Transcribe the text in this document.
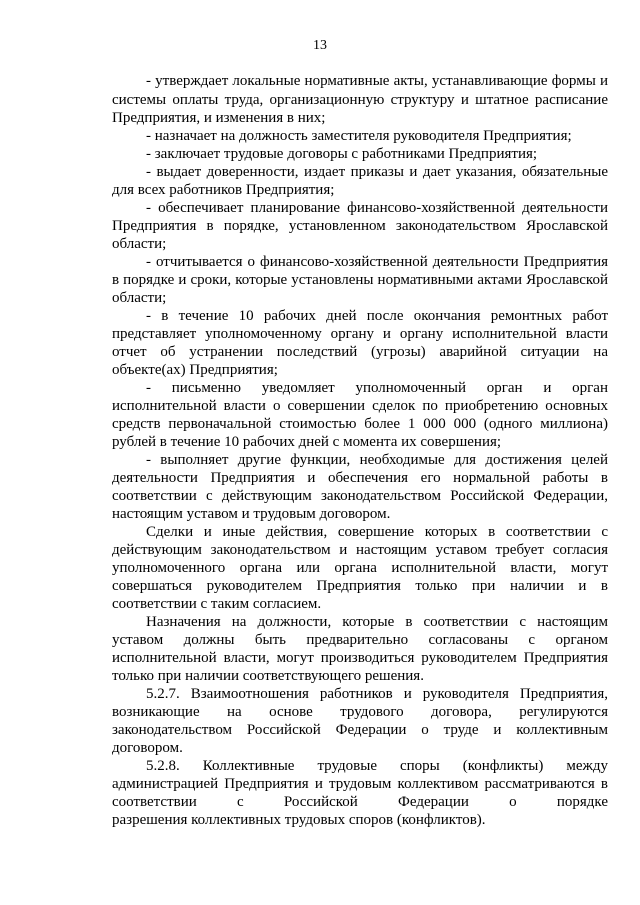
13
- утверждает локальные нормативные акты, устанавливающие формы и
системы оплаты труда, организационную структуру и штатное расписание
Предприятия, и изменения в них;
- назначает на должность заместителя руководителя Предприятия;
- заключает трудовые договоры с работниками Предприятия;
- выдает доверенности, издает приказы и дает указания, обязательные
для всех работников Предприятия;
- обеспечивает планирование финансово-хозяйственной деятельности
Предприятия в порядке, установленном законодательством Ярославской
области;
- отчитывается о финансово-хозяйственной деятельности Предприятия
в порядке и сроки, которые установлены нормативными актами Ярославской
области;
- в течение 10 рабочих дней после окончания ремонтных работ
представляет уполномоченному органу и органу исполнительной власти
отчет об устранении последствий (угрозы) аварийной ситуации на
объекте(ах) Предприятия;
- письменно уведомляет уполномоченный орган и орган
исполнительной власти о совершении сделок по приобретению основных
средств первоначальной стоимостью более 1 000 000 (одного миллиона)
рублей в течение 10 рабочих дней с момента их совершения;
- выполняет другие функции, необходимые для достижения целей
деятельности Предприятия и обеспечения его нормальной работы в
соответствии с действующим законодательством Российской Федерации,
настоящим уставом и трудовым договором.
Сделки и иные действия, совершение которых в соответствии с
действующим законодательством и настоящим уставом требует согласия
уполномоченного органа или органа исполнительной власти, могут
совершаться руководителем Предприятия только при наличии и в
соответствии с таким согласием.
Назначения на должности, которые в соответствии с настоящим
уставом должны быть предварительно согласованы с органом
исполнительной власти, могут производиться руководителем Предприятия
только при наличии соответствующего решения.
5.2.7. Взаимоотношения работников и руководителя Предприятия,
возникающие на основе трудового договора, регулируются
законодательством Российской Федерации о труде и коллективным
договором.
5.2.8. Коллективные трудовые споры (конфликты) между
администрацией Предприятия и трудовым коллективом рассматриваются в
соответствии с Российской Федерации о порядке
разрешения коллективных трудовых споров (конфликтов).
